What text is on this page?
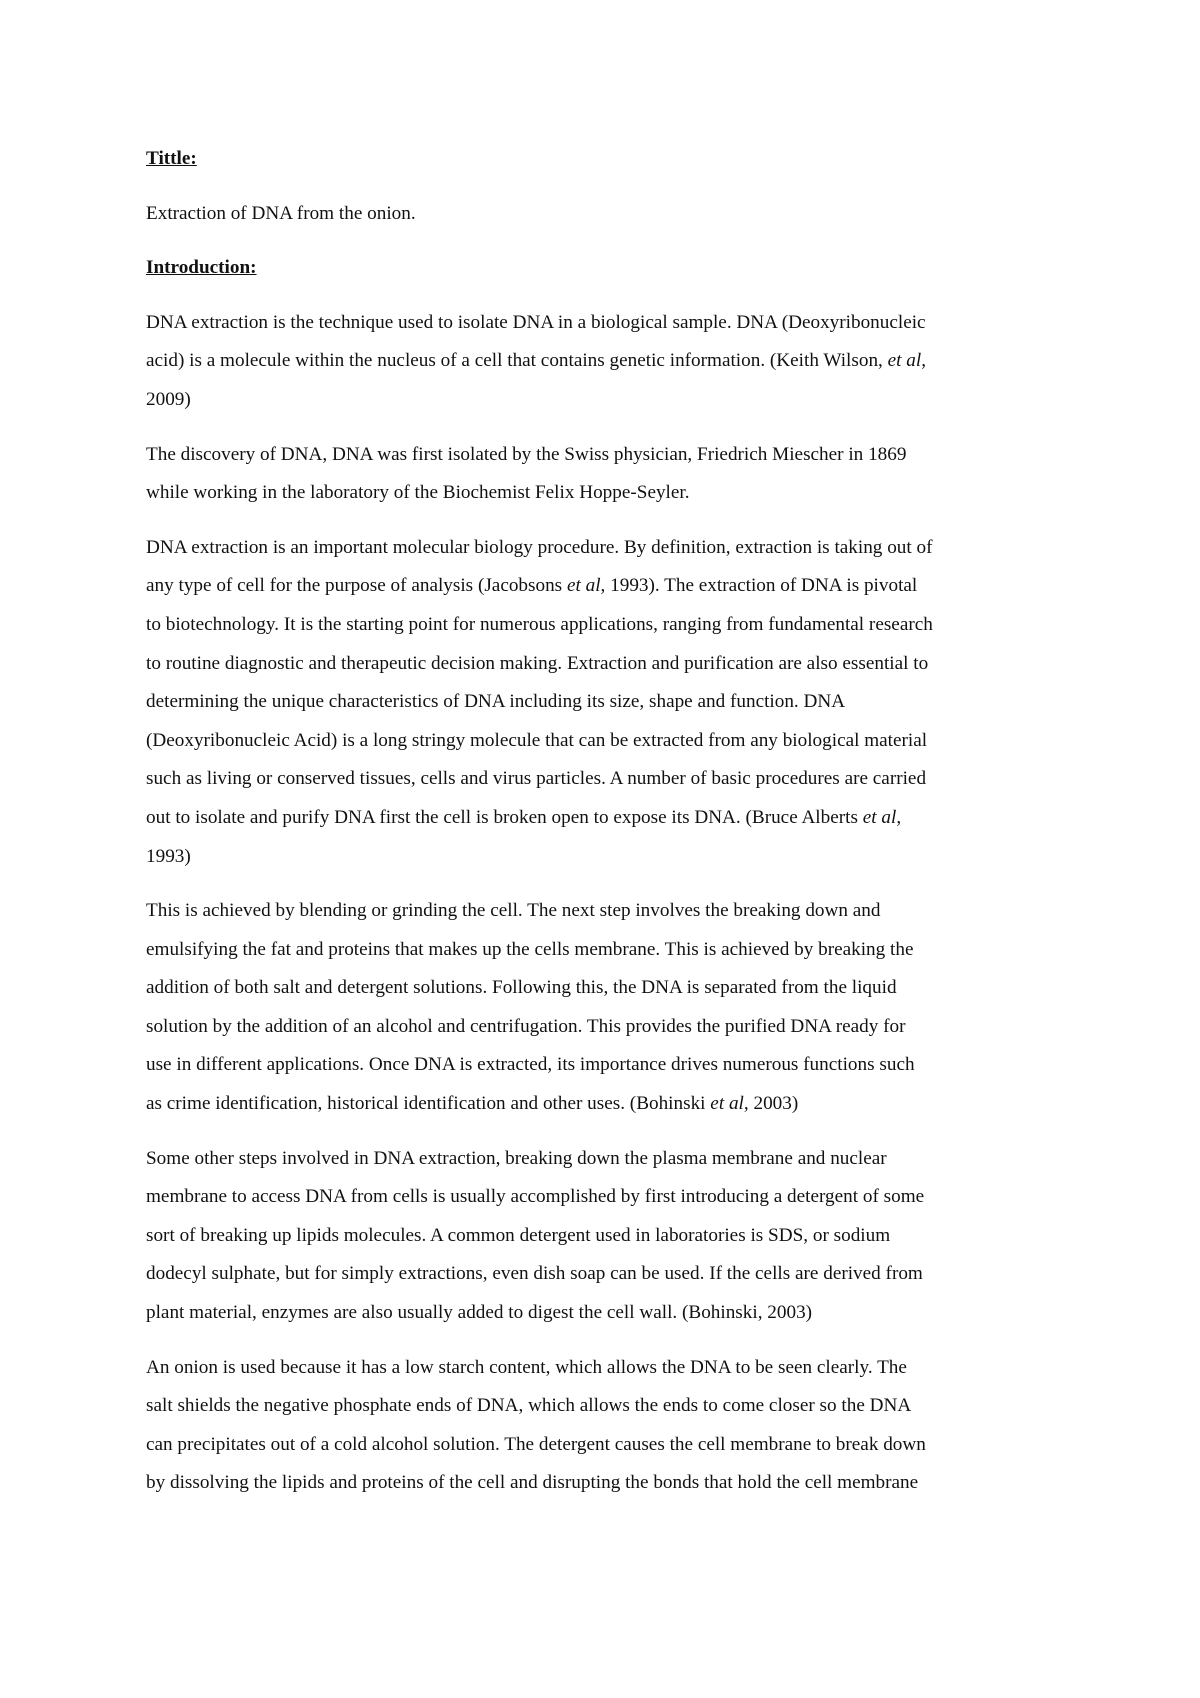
Tittle:
Extraction of DNA from the onion.
Introduction:
DNA extraction is the technique used to isolate DNA in a biological sample. DNA (Deoxyribonucleic
acid) is a molecule within the nucleus of a cell that contains genetic information. (Keith Wilson, et al,
2009)
The discovery of DNA, DNA was first isolated by the Swiss physician, Friedrich Miescher in 1869
while working in the laboratory of the Biochemist Felix Hoppe-Seyler.
DNA extraction is an important molecular biology procedure. By definition, extraction is taking out of
any type of cell for the purpose of analysis (Jacobsons et al, 1993). The extraction of DNA is pivotal
to biotechnology. It is the starting point for numerous applications, ranging from fundamental research
to routine diagnostic and therapeutic decision making. Extraction and purification are also essential to
determining the unique characteristics of DNA including its size, shape and function. DNA
(Deoxyribonucleic Acid) is a long stringy molecule that can be extracted from any biological material
such as living or conserved tissues, cells and virus particles. A number of basic procedures are carried
out to isolate and purify DNA first the cell is broken open to expose its DNA. (Bruce Alberts et al,
1993)
This is achieved by blending or grinding the cell. The next step involves the breaking down and
emulsifying the fat and proteins that makes up the cells membrane. This is achieved by breaking the
addition of both salt and detergent solutions. Following this, the DNA is separated from the liquid
solution by the addition of an alcohol and centrifugation. This provides the purified DNA ready for
use in different applications. Once DNA is extracted, its importance drives numerous functions such
as crime identification, historical identification and other uses. (Bohinski et al, 2003)
Some other steps involved in DNA extraction, breaking down the plasma membrane and nuclear
membrane to access DNA from cells is usually accomplished by first introducing a detergent of some
sort of breaking up lipids molecules. A common detergent used in laboratories is SDS, or sodium
dodecyl sulphate, but for simply extractions, even dish soap can be used. If the cells are derived from
plant material, enzymes are also usually added to digest the cell wall. (Bohinski, 2003)
An onion is used because it has a low starch content, which allows the DNA to be seen clearly. The
salt shields the negative phosphate ends of DNA, which allows the ends to come closer so the DNA
can precipitates out of a cold alcohol solution. The detergent causes the cell membrane to break down
by dissolving the lipids and proteins of the cell and disrupting the bonds that hold the cell membrane
